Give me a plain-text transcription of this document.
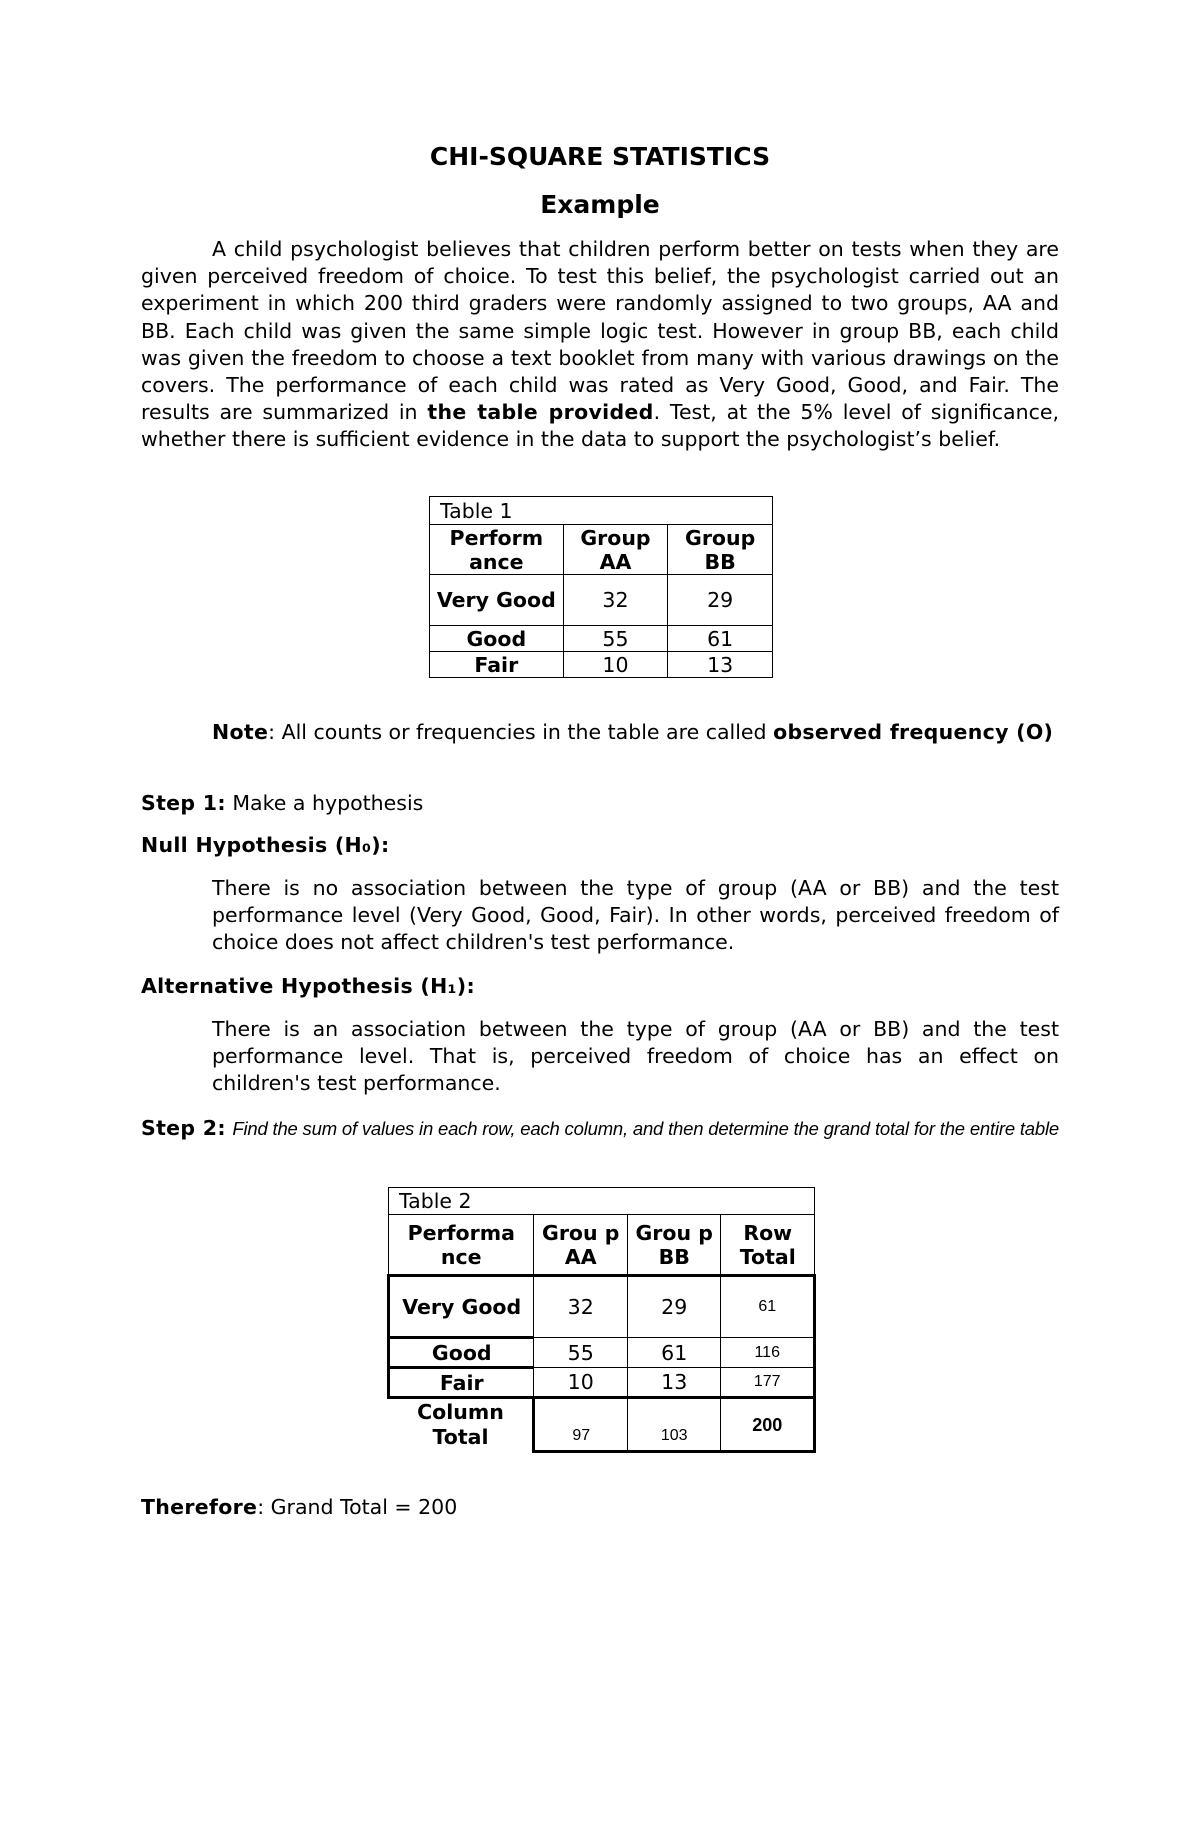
CHI-SQUARE STATISTICS
Example

A child psychologist believes that children perform better on tests when they are given perceived freedom of choice. To test this belief, the psychologist carried out an experiment in which 200 third graders were randomly assigned to two groups, AA and BB. Each child was given the same simple logic test. However in group BB, each child was given the freedom to choose a text booklet from many with various drawings on the covers. The performance of each child was rated as Very Good, Good, and Fair. The results are summarized in the table provided. Test, at the 5% level of significance, whether there is sufficient evidence in the data to support the psychologist’s belief.

Table 1		
Perform ance	Group AA	Group BB
Very Good	32	29
Good	55	61
Fair	10	13

Note: All counts or frequencies in the table are called observed frequency (O)

Step 1: Make a hypothesis

Null Hypothesis (H₀):

There is no association between the type of group (AA or BB) and the test performance level (Very Good, Good, Fair). In other words, perceived freedom of choice does not affect children's test performance.

Alternative Hypothesis (H₁):

There is an association between the type of group (AA or BB) and the test performance level. That is, perceived freedom of choice has an effect on children's test performance.

Step 2: Find the sum of values in each row, each column, and then determine the grand total for the entire table

Table 2			
Performa nce	Grou p AA	Grou p BB	Row Total
Very Good	32	29	61
Good	55	61	116
Fair	10	13	177
Column Total	97	103	200

Therefore: Grand Total = 200
